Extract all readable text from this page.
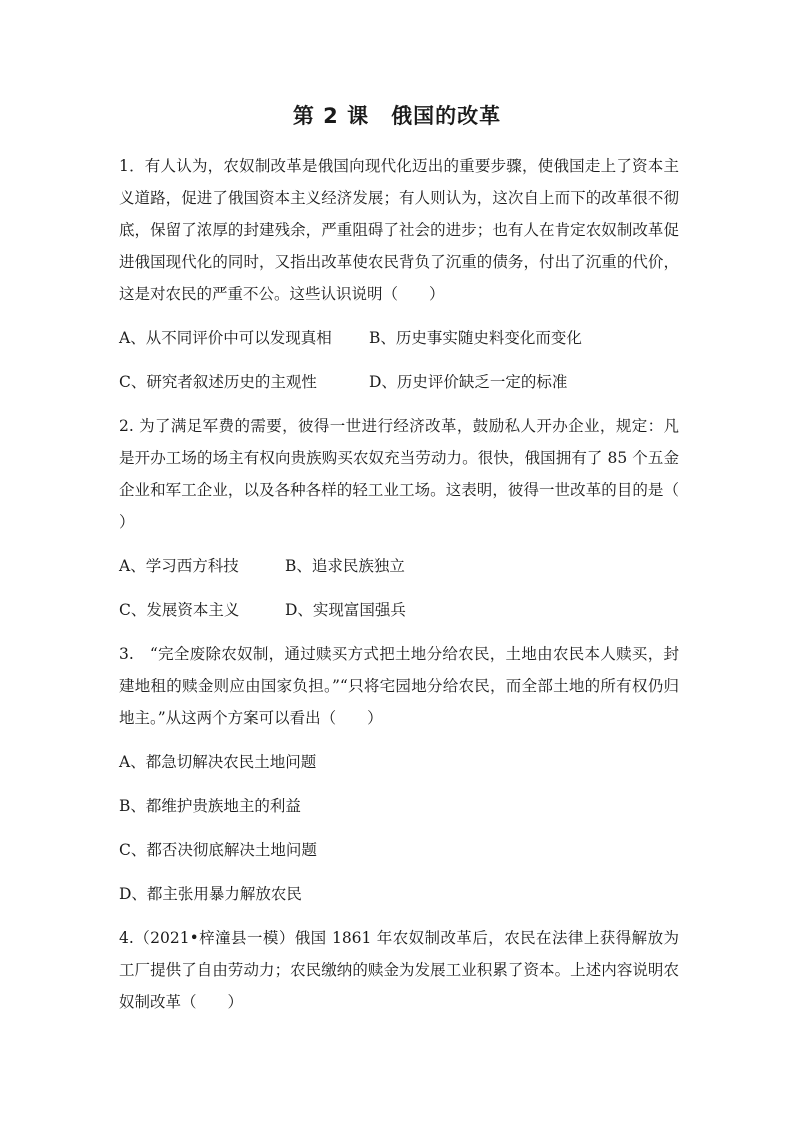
第 2 课　俄国的改革

1．有人认为，农奴制改革是俄国向现代化迈出的重要步骤，使俄国走上了资本主义道路，促进了俄国资本主义经济发展；有人则认为，这次自上而下的改革很不彻底，保留了浓厚的封建残余，严重阻碍了社会的进步；也有人在肯定农奴制改革促进俄国现代化的同时，又指出改革使农民背负了沉重的债务，付出了沉重的代价，这是对农民的严重不公。这些认识说明（　　）

A、从不同评价中可以发现真相 B、历史事实随史料变化而变化
C、研究者叙述历史的主观性	D、历史评价缺乏一定的标准

2. 为了满足军费的需要，彼得一世进行经济改革，鼓励私人开办企业，规定：凡是开办工场的场主有权向贵族购买农奴充当劳动力。很快，俄国拥有了 85 个五金企业和军工企业，以及各种各样的轻工业工场。这表明，彼得一世改革的目的是（　　）

A、学习西方科技	B、追求民族独立
C、发展资本主义	D、实现富国强兵

3.　“完全废除农奴制，通过赎买方式把土地分给农民，土地由农民本人赎买，封建地租的赎金则应由国家负担。”“只将宅园地分给农民，而全部土地的所有权仍归地主。”从这两个方案可以看出（　　）

A、都急切解决农民土地问题
B、都维护贵族地主的利益
C、都否决彻底解决土地问题
D、都主张用暴力解放农民

4.（2021•梓潼县一模）俄国 1861 年农奴制改革后，农民在法律上获得解放为工厂提供了自由劳动力；农民缴纳的赎金为发展工业积累了资本。上述内容说明农奴制改革（　　）
